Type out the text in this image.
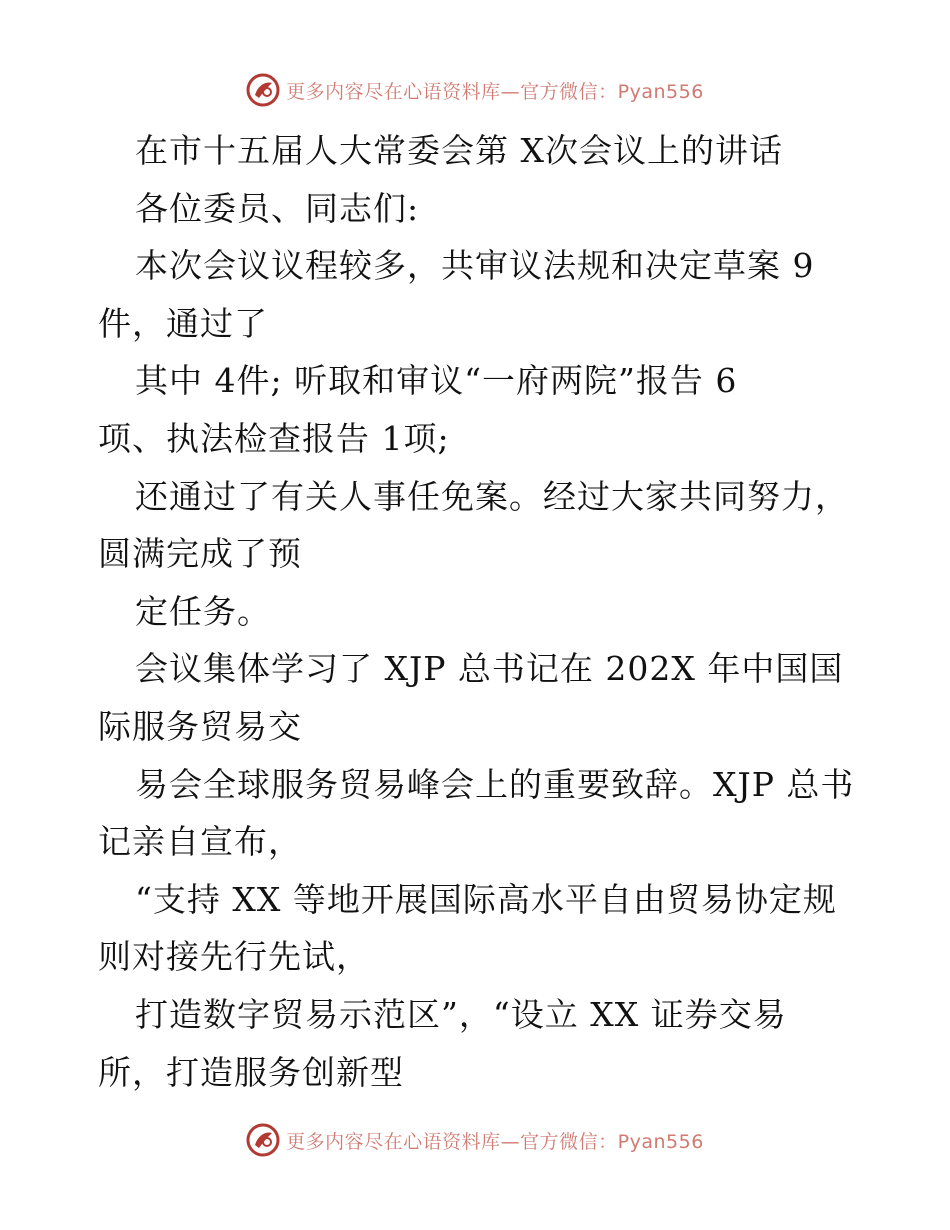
更多内容尽在心语资料库—官方微信：Pyan556
在市十五届人大常委会第 X次会议上的讲话
各位委员、同志们:
本次会议议程较多，共审议法规和决定草案 9
件，通过了
其中 4件; 听取和审议“一府两院”报告 6
项、执法检查报告 1项;
还通过了有关人事任免案。经过大家共同努力，
圆满完成了预
定任务。
会议集体学习了 XJP 总书记在 202X 年中国国
际服务贸易交
易会全球服务贸易峰会上的重要致辞。XJP 总书
记亲自宣布，
“支持 XX 等地开展国际高水平自由贸易协定规
则对接先行先试，
打造数字贸易示范区”，“设立 XX 证券交易
所，打造服务创新型
更多内容尽在心语资料库—官方微信：Pyan556
